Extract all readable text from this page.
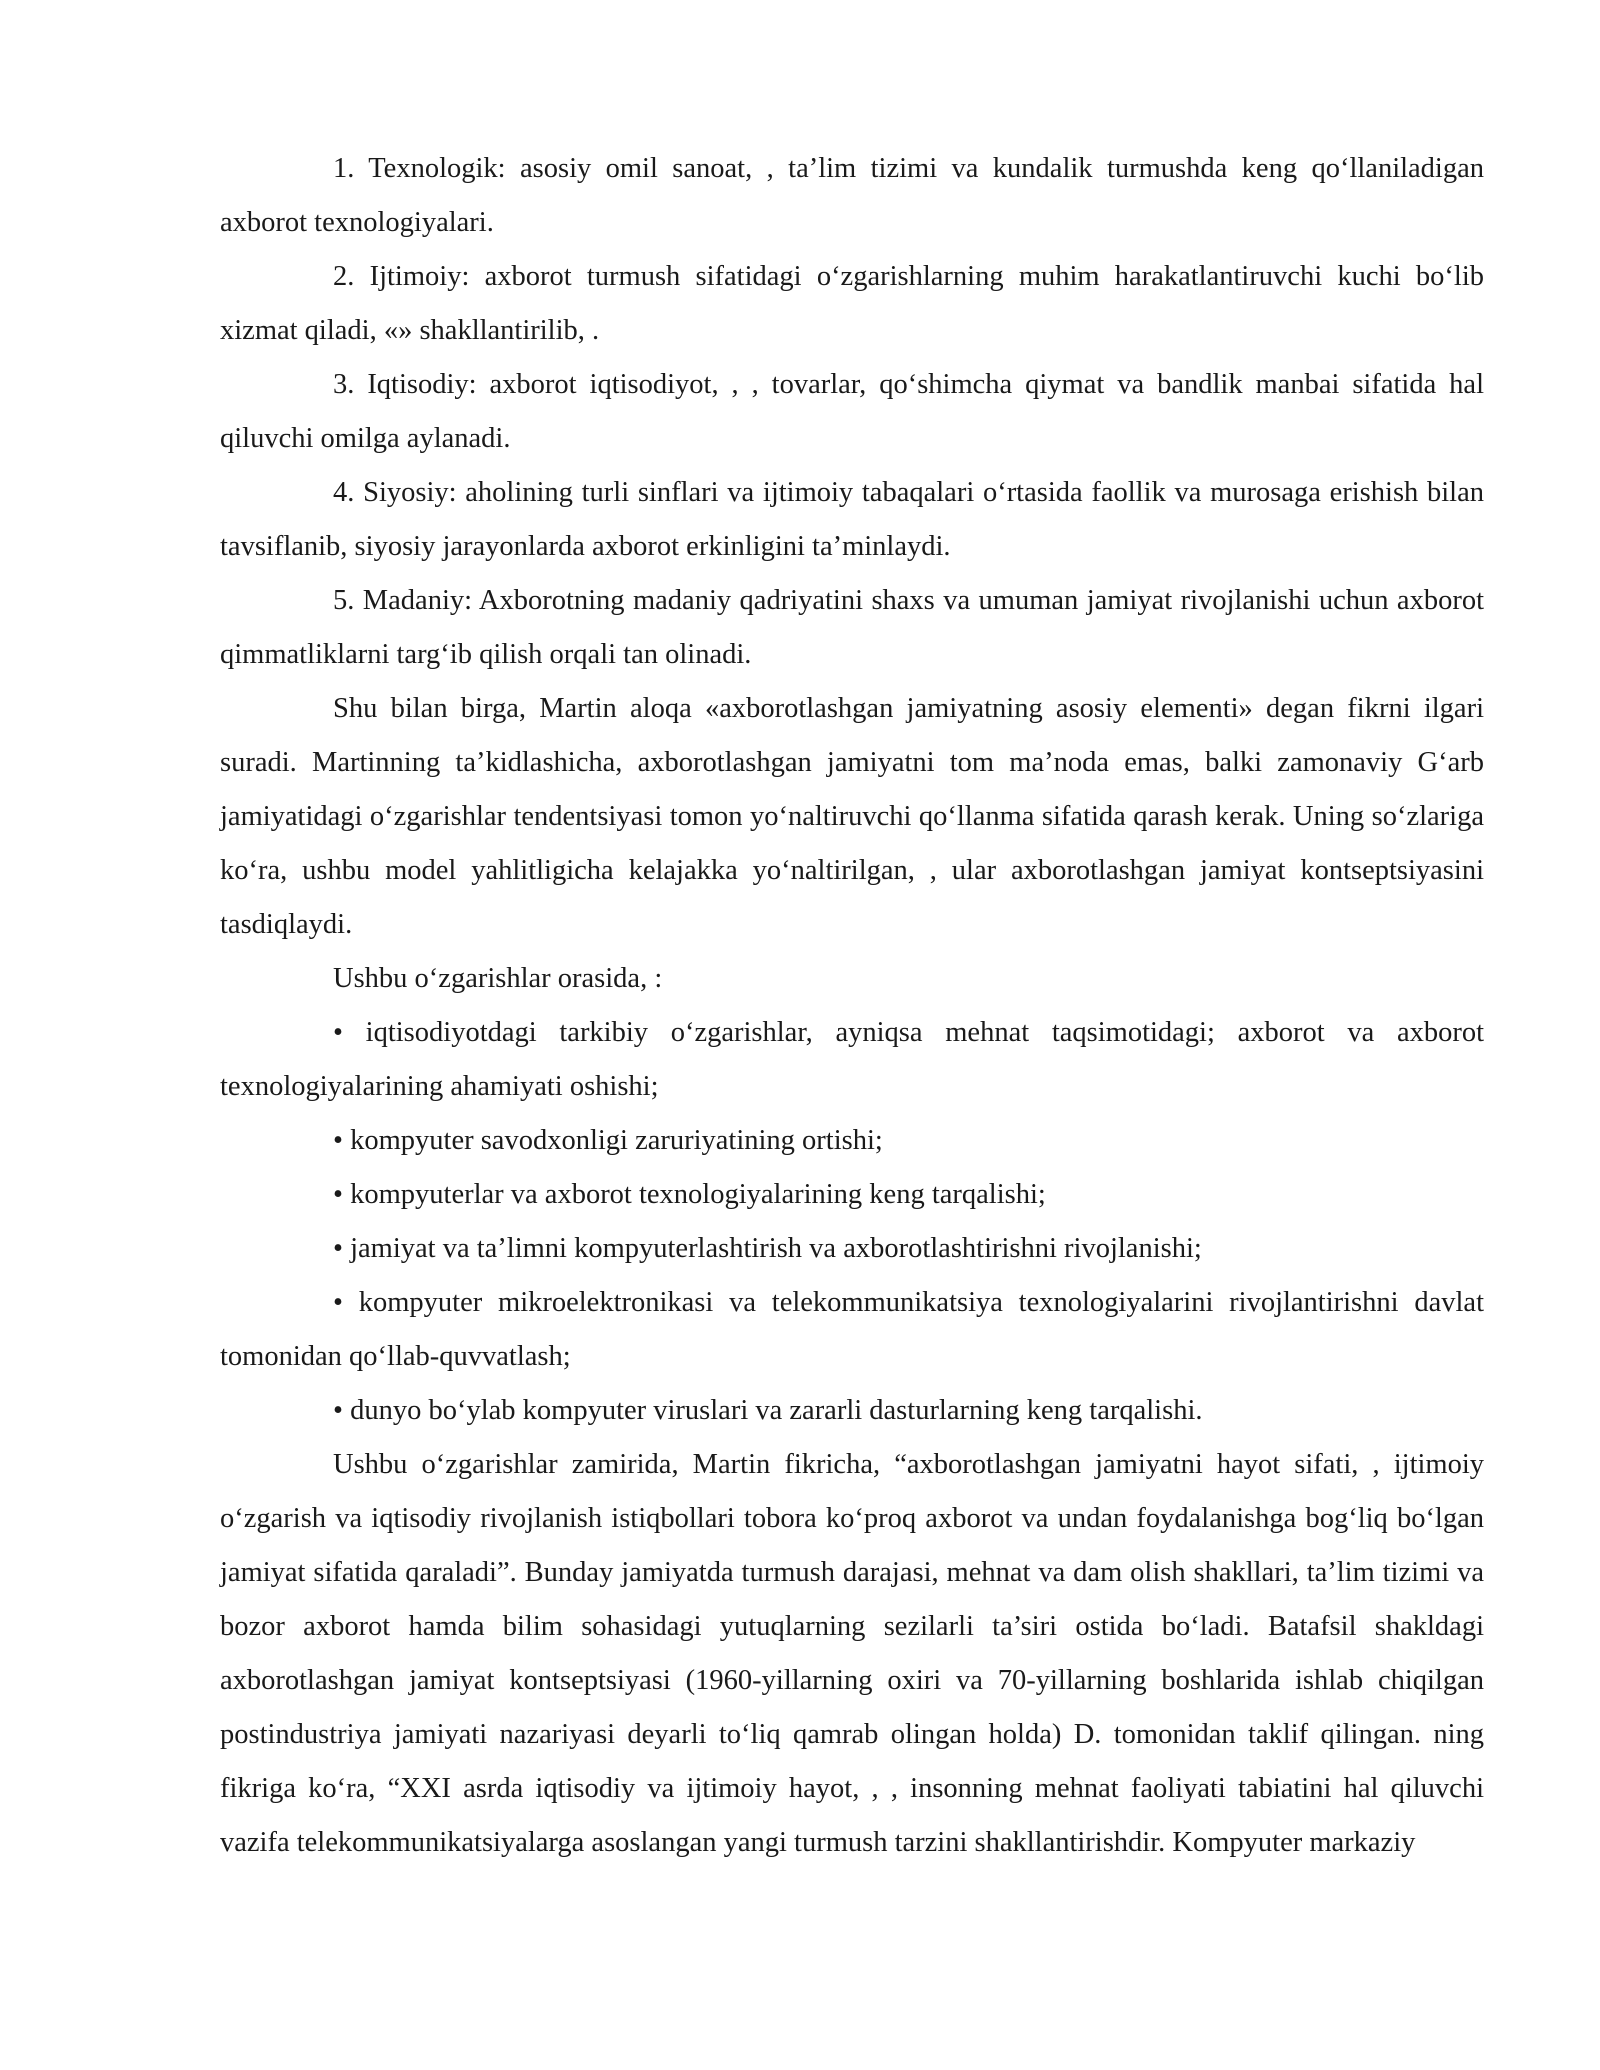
1. Texnologik: asosiy omil sanoat, , ta’lim tizimi va kundalik turmushda keng qo‘llaniladigan axborot texnologiyalari.

2. Ijtimoiy: axborot turmush sifatidagi o‘zgarishlarning muhim harakatlantiruvchi kuchi bo‘lib xizmat qiladi, «» shakllantirilib, .

3. Iqtisodiy: axborot iqtisodiyot, , , tovarlar, qo‘shimcha qiymat va bandlik manbai sifatida hal qiluvchi omilga aylanadi.

4. Siyosiy: aholining turli sinflari va ijtimoiy tabaqalari o‘rtasida faollik va murosaga erishish bilan tavsiflanib, siyosiy jarayonlarda axborot erkinligini ta’minlaydi.

5. Madaniy: Axborotning madaniy qadriyatini shaxs va umuman jamiyat rivojlanishi uchun axborot qimmatliklarni targ‘ib qilish orqali tan olinadi.

Shu bilan birga, Martin aloqa «axborotlashgan jamiyatning asosiy elementi» degan fikrni ilgari suradi. Martinning ta’kidlashicha, axborotlashgan jamiyatni tom ma’noda emas, balki zamonaviy G‘arb jamiyatidagi o‘zgarishlar tendentsiyasi tomon yo‘naltiruvchi qo‘llanma sifatida qarash kerak. Uning so‘zlariga ko‘ra, ushbu model yahlitligicha kelajakka yo‘naltirilgan, , ular axborotlashgan jamiyat kontseptsiyasini tasdiqlaydi.

Ushbu o‘zgarishlar orasida, :

• iqtisodiyotdagi tarkibiy o‘zgarishlar, ayniqsa mehnat taqsimotidagi; axborot va axborot texnologiyalarining ahamiyati oshishi;

• kompyuter savodxonligi zaruriyatining ortishi;

• kompyuterlar va axborot texnologiyalarining keng tarqalishi;

• jamiyat va ta’limni kompyuterlashtirish va axborotlashtirishni rivojlanishi;

• kompyuter mikroelektronikasi va telekommunikatsiya texnologiyalarini rivojlantirishni davlat tomonidan qo‘llab-quvvatlash;

• dunyo bo‘ylab kompyuter viruslari va zararli dasturlarning keng tarqalishi.

Ushbu o‘zgarishlar zamirida, Martin fikricha, “axborotlashgan jamiyatni hayot sifati, , ijtimoiy o‘zgarish va iqtisodiy rivojlanish istiqbollari tobora ko‘proq axborot va undan foydalanishga bog‘liq bo‘lgan jamiyat sifatida qaraladi”. Bunday jamiyatda turmush darajasi, mehnat va dam olish shakllari, ta’lim tizimi va bozor axborot hamda bilim sohasidagi yutuqlarning sezilarli ta’siri ostida bo‘ladi. Batafsil shakldagi axborotlashgan jamiyat kontseptsiyasi (1960-yillarning oxiri va 70-yillarning boshlarida ishlab chiqilgan postindustriya jamiyati nazariyasi deyarli to‘liq qamrab olingan holda) D. tomonidan taklif qilingan. ning fikriga ko‘ra, “XXI asrda iqtisodiy va ijtimoiy hayot, , , insonning mehnat faoliyati tabiatini hal qiluvchi vazifa telekommunikatsiyalarga asoslangan yangi turmush tarzini shakllantirishdir. Kompyuter markaziy
